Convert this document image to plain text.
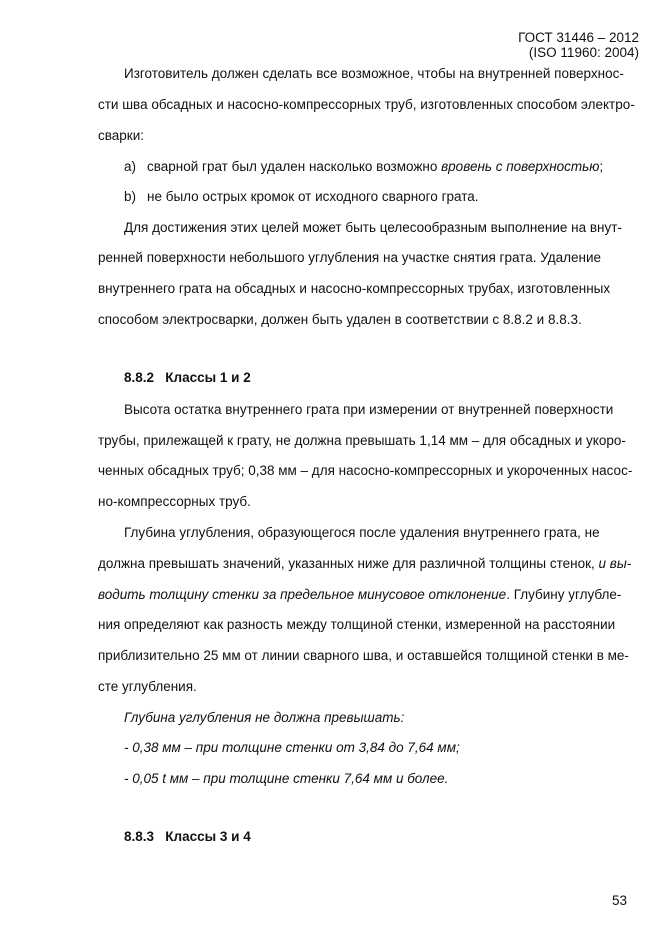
ГОСТ 31446 – 2012
(ISO 11960: 2004)
Изготовитель должен сделать все возможное, чтобы на внутренней поверхнос-
сти шва обсадных и насосно-компрессорных труб, изготовленных способом электро-
сварки:
а) сварной грат был удален насколько возможно вровень с поверхностью;
b) не было острых кромок от исходного сварного грата.
Для достижения этих целей может быть целесообразным выполнение на внут-
ренней поверхности небольшого углубления на участке снятия грата. Удаление
внутреннего грата на обсадных и насосно-компрессорных трубах, изготовленных
способом электросварки, должен быть удален в соответствии с 8.8.2 и 8.8.3.
8.8.2 Классы 1 и 2
Высота остатка внутреннего грата при измерении от внутренней поверхности
трубы, прилежащей к грату, не должна превышать 1,14 мм – для обсадных и укоро-
ченных обсадных труб; 0,38 мм – для насосно-компрессорных и укороченных насос-
но-компрессорных труб.
Глубина углубления, образующегося после удаления внутреннего грата, не
должна превышать значений, указанных ниже для различной толщины стенок, и вы-
водить толщину стенки за предельное минусовое отклонение. Глубину углубле-
ния определяют как разность между толщиной стенки, измеренной на расстоянии
приблизительно 25 мм от линии сварного шва, и оставшейся толщиной стенки в ме-
сте углубления.
Глубина углубления не должна превышать:
- 0,38 мм – при толщине стенки от 3,84 до 7,64 мм;
- 0,05 t мм – при толщине стенки 7,64 мм и более.
8.8.3 Классы 3 и 4
53
